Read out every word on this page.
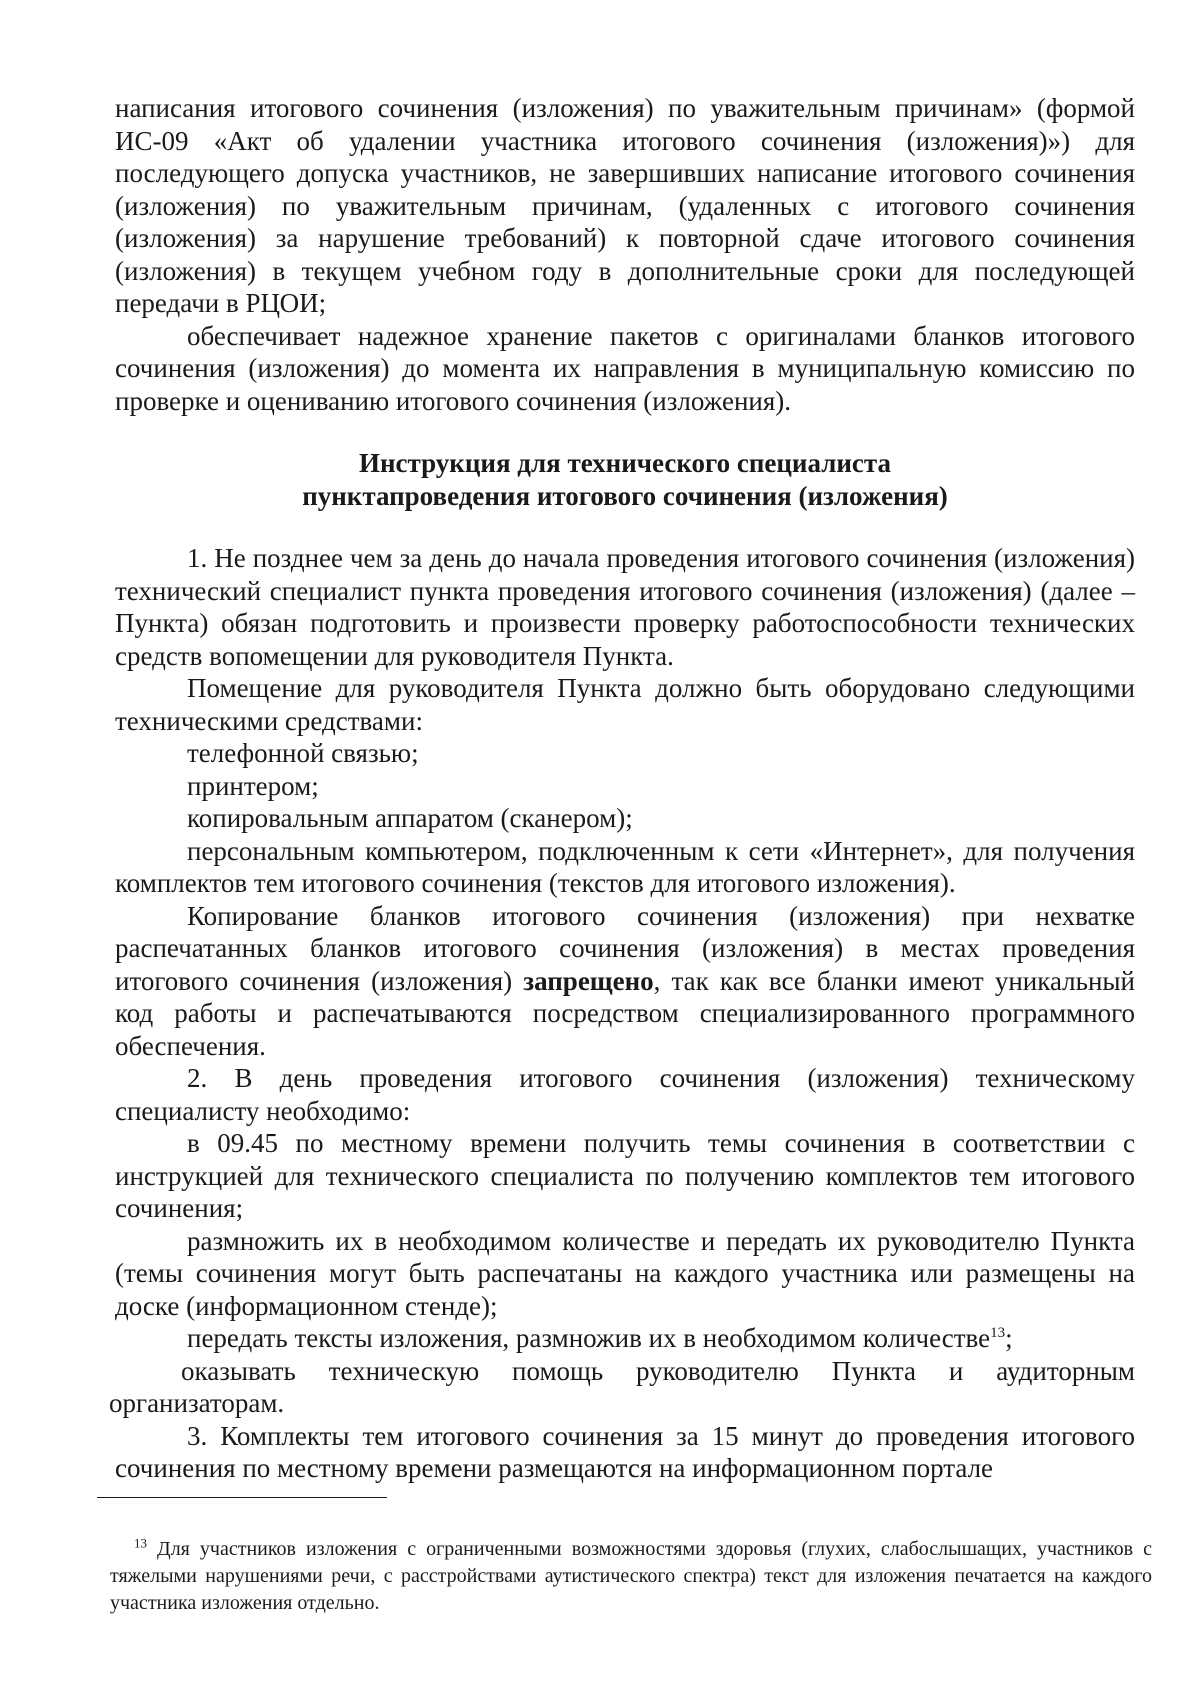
написания итогового сочинения (изложения) по уважительным причинам» (формой ИС-09 «Акт об удалении участника итогового сочинения (изложения)») для последующего допуска участников, не завершивших написание итогового сочинения (изложения) по уважительным причинам, (удаленных с итогового сочинения (изложения) за нарушение требований) к повторной сдаче итогового сочинения (изложения) в текущем учебном году в дополнительные сроки для последующей передачи в РЦОИ;

обеспечивает надежное хранение пакетов с оригиналами бланков итогового сочинения (изложения) до момента их направления в муниципальную комиссию по проверке и оцениванию итогового сочинения (изложения).

Инструкция для технического специалиста
пунктапроведения итогового сочинения (изложения)

1. Не позднее чем за день до начала проведения итогового сочинения (изложения) технический специалист пункта проведения итогового сочинения (изложения) (далее – Пункта) обязан подготовить и произвести проверку работоспособности технических средств вопомещении для руководителя Пункта.

Помещение для руководителя Пункта должно быть оборудовано следующими техническими средствами:

телефонной связью;

принтером;

копировальным аппаратом (сканером);

персональным компьютером, подключенным к сети «Интернет», для получения комплектов тем итогового сочинения (текстов для итогового изложения).

Копирование бланков итогового сочинения (изложения) при нехватке распечатанных бланков итогового сочинения (изложения) в местах проведения итогового сочинения (изложения) запрещено, так как все бланки имеют уникальный код работы и распечатываются посредством специализированного программного обеспечения.

2. В день проведения итогового сочинения (изложения) техническому специалисту необходимо:

в 09.45 по местному времени получить темы сочинения в соответствии с инструкцией для технического специалиста по получению комплектов тем итогового сочинения;

размножить их в необходимом количестве и передать их руководителю Пункта (темы сочинения могут быть распечатаны на каждого участника или размещены на доске (информационном стенде);

передать тексты изложения, размножив их в необходимом количестве$^{13}$;

оказывать техническую помощь руководителю Пункта и аудиторным организаторам.

3. Комплекты тем итогового сочинения за 15 минут до проведения итогового сочинения по местному времени размещаются на информационном портале

$^{13}$ Для участников изложения с ограниченными возможностями здоровья (глухих, слабослышащих, участников с тяжелыми нарушениями речи, с расстройствами аутистического спектра) текст для изложения печатается на каждого участника изложения отдельно.
